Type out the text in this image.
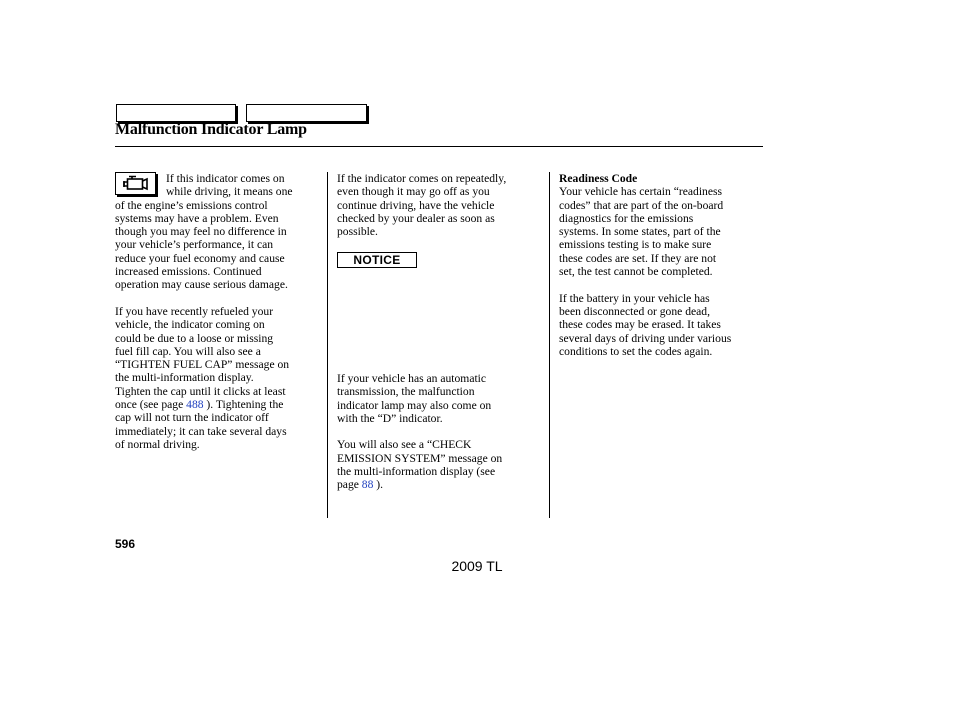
Malfunction Indicator Lamp

If this indicator comes on

while driving, it means one

of the engine’s emissions control

systems may have a problem. Even

though you may feel no difference in

your vehicle’s performance, it can

reduce your fuel economy and cause

increased emissions. Continued

operation may cause serious damage.

If you have recently refueled your

vehicle, the indicator coming on

could be due to a loose or missing

fuel fill cap. You will also see a

“TIGHTEN FUEL CAP” message on

the multi-information display.

Tighten the cap until it clicks at least

once (see page 488 ). Tightening the

cap will not turn the indicator off

immediately; it can take several days

of normal driving.

If the indicator comes on repeatedly,

even though it may go off as you

continue driving, have the vehicle

checked by your dealer as soon as

possible.

NOTICE

If your vehicle has an automatic

transmission, the malfunction

indicator lamp may also come on

with the “D” indicator.

You will also see a “CHECK

EMISSION SYSTEM” message on

the multi-information display (see

page 88 ).

Readiness Code

Your vehicle has certain “readiness

codes” that are part of the on-board

diagnostics for the emissions

systems. In some states, part of the

emissions testing is to make sure

these codes are set. If they are not

set, the test cannot be completed.

If the battery in your vehicle has

been disconnected or gone dead,

these codes may be erased. It takes

several days of driving under various

conditions to set the codes again.

596
2009 TL
